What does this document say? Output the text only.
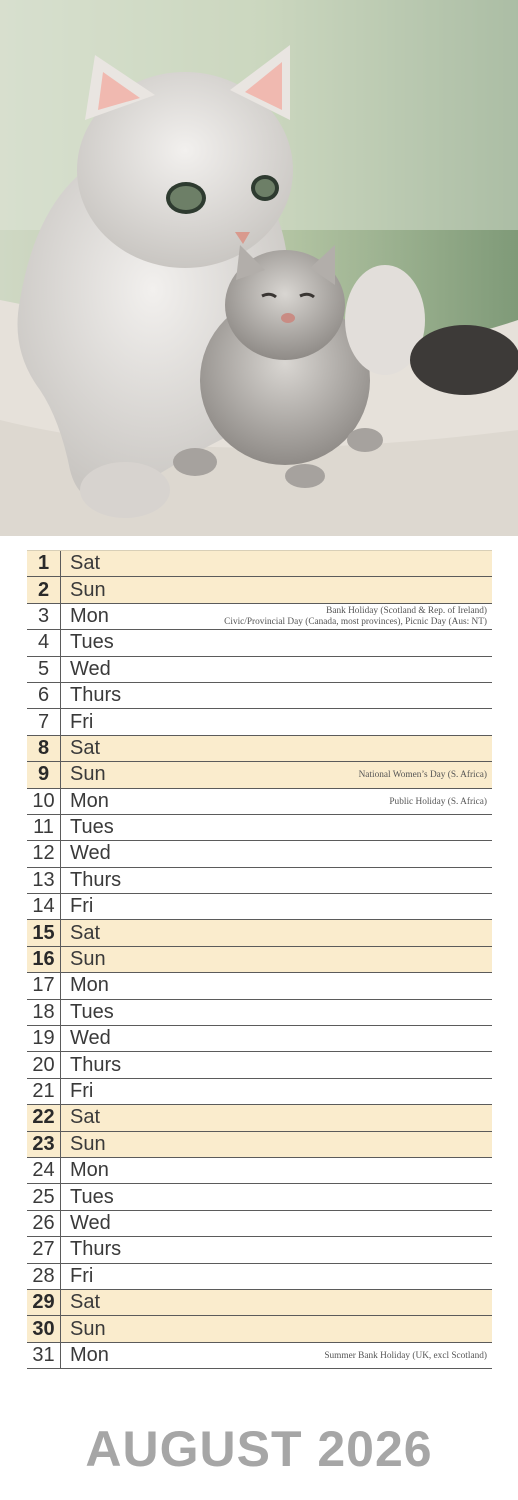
1	Sat
2	Sun
3	Mon	Bank Holiday (Scotland & Rep. of Ireland)
Civic/Provincial Day (Canada, most provinces), Picnic Day (Aus: NT)
4	Tues
5	Wed
6	Thurs
7	Fri
8	Sat
9	Sun	National Women’s Day (S. Africa)
10 Mon	Public Holiday (S. Africa)
11 Tues
12 Wed
13 Thurs
14 Fri
15 Sat
16 Sun
17 Mon
18 Tues
19 Wed
20 Thurs
21 Fri
22 Sat
23 Sun
24 Mon
25 Tues
26 Wed
27 Thurs
28 Fri
29 Sat
30 Sun
31 Mon	Summer Bank Holiday (UK, excl Scotland)
AUGUST 2026
